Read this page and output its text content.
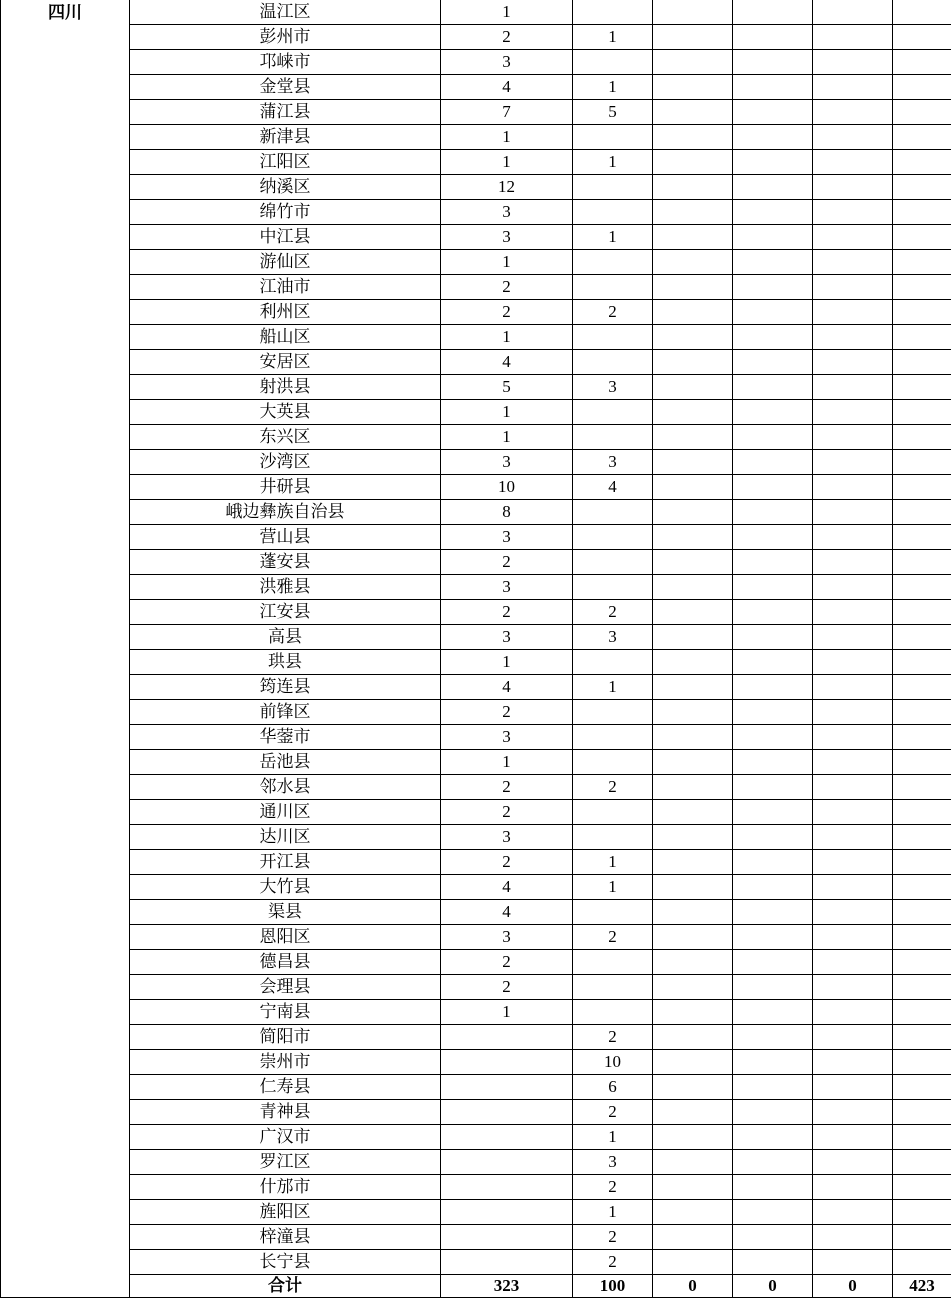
四川	温江区	1					
	彭州市	2	1				
	邛崃市	3					
	金堂县	4	1				
	蒲江县	7	5				
	新津县	1					
	江阳区	1	1				
	纳溪区	12					
	绵竹市	3					
	中江县	3	1				
	游仙区	1					
	江油市	2					
	利州区	2	2				
	船山区	1					
	安居区	4					
	射洪县	5	3				
	大英县	1					
	东兴区	1					
	沙湾区	3	3				
	井研县	10	4				
	峨边彝族自治县	8					
	营山县	3					
	蓬安县	2					
	洪雅县	3					
	江安县	2	2				
	高县	3	3				
	珙县	1					
	筠连县	4	1				
	前锋区	2					
	华蓥市	3					
	岳池县	1					
	邻水县	2	2				
	通川区	2					
	达川区	3					
	开江县	2	1				
	大竹县	4	1				
	渠县	4					
	恩阳区	3	2				
	德昌县	2					
	会理县	2					
	宁南县	1					
	简阳市		2				
	崇州市		10				
	仁寿县		6				
	青神县		2				
	广汉市		1				
	罗江区		3				
	什邡市		2				
	旌阳区		1				
	梓潼县		2				
	长宁县		2				
	合计	323	100	0	0	0	423
